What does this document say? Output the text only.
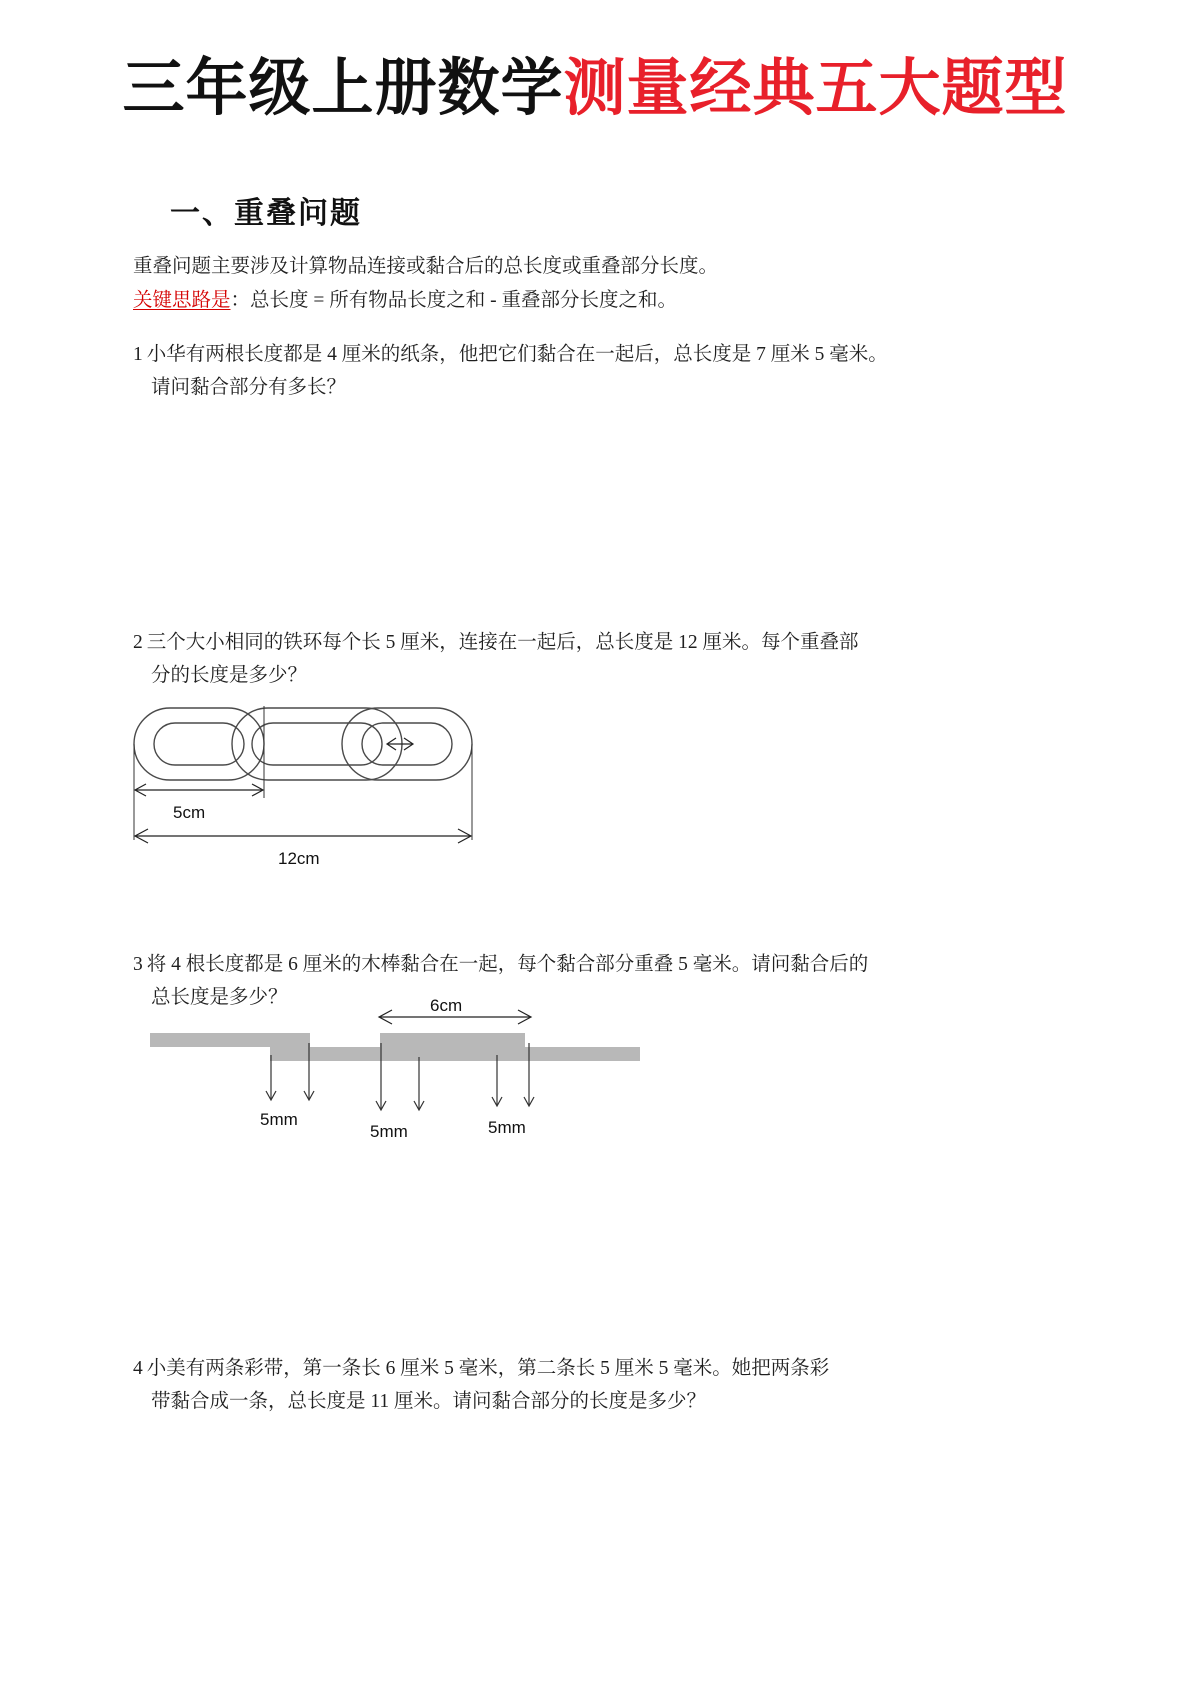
三年级上册数学测量经典五大题型
一、重叠问题
重叠问题主要涉及计算物品连接或黏合后的总长度或重叠部分长度。
关键思路是：总长度 = 所有物品长度之和 - 重叠部分长度之和。
1 小华有两根长度都是 4 厘米的纸条，他把它们黏合在一起后，总长度是 7 厘米 5 毫米。
请问黏合部分有多长？
2 三个大小相同的铁环每个长 5 厘米，连接在一起后，总长度是 12 厘米。每个重叠部
分的长度是多少？
5cm
12cm
3 将 4 根长度都是 6 厘米的木棒黏合在一起，每个黏合部分重叠 5 毫米。请问黏合后的
总长度是多少？	6cm
5mm
5mm	5mm
4 小美有两条彩带，第一条长 6 厘米 5 毫米，第二条长 5 厘米 5 毫米。她把两条彩
带黏合成一条，总长度是 11 厘米。请问黏合部分的长度是多少？
